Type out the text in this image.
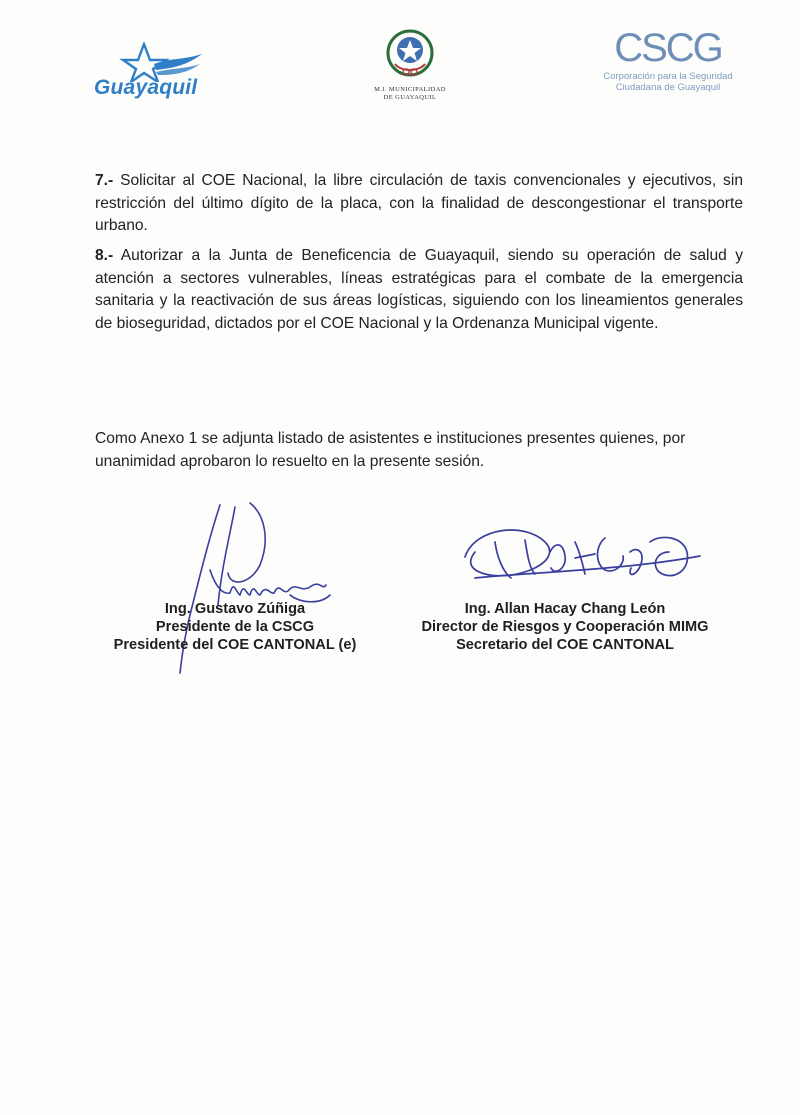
Guayaquil	M.I. MUNICIPALIDAD
DE GUAYAQUIL
CSCG
Corporación para la Seguridad
Ciudadana de Guayaquil
7.- Solicitar al COE Nacional, la libre circulación de taxis convencionales y ejecutivos, sin restricción del último dígito de la placa, con la finalidad de descongestionar el transporte urbano.
8.- Autorizar a la Junta de Beneficencia de Guayaquil, siendo su operación de salud y atención a sectores vulnerables, líneas estratégicas para el combate de la emergencia sanitaria y la reactivación de sus áreas logísticas, siguiendo con los lineamientos generales de bioseguridad, dictados por el COE Nacional y la Ordenanza Municipal vigente.
Como Anexo 1 se adjunta listado de asistentes e instituciones presentes quienes, por unanimidad aprobaron lo resuelto en la presente sesión.
Ing. Gustavo Zúñiga
Presidente de la CSCG
Presidente del COE CANTONAL (e)
Ing. Allan Hacay Chang León
Director de Riesgos y Cooperación MIMG
Secretario del COE CANTONAL
